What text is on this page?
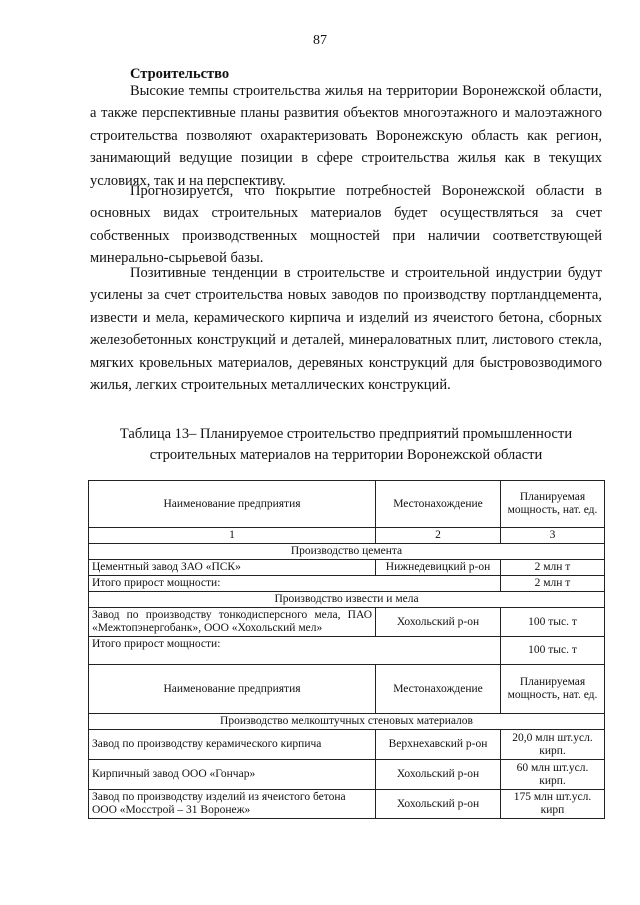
87
Строительство

Высокие темпы строительства жилья на территории Воронежской области, а также перспективные планы развития объектов многоэтажного и малоэтажного строительства позволяют охарактеризовать Воронежскую область как регион, занимающий ведущие позиции в сфере строительства жилья как в текущих условиях, так и на перспективу.

Прогнозируется, что покрытие потребностей Воронежской области в основных видах строительных материалов будет осуществляться за счет собственных производственных мощностей при наличии соответствующей минерально-сырьевой базы.

Позитивные тенденции в строительстве и строительной индустрии будут усилены за счет строительства новых заводов по производству портландцемента, извести и мела, керамического кирпича и изделий из ячеистого бетона, сборных железобетонных конструкций и деталей, минераловатных плит, листового стекла, мягких кровельных материалов, деревяных конструкций для быстровозводимого жилья, легких строительных металлических конструкций.

Таблица 13– Планируемое строительство предприятий промышленности
строительных материалов на территории Воронежской области
Наименование предприятия	Местонахождение	Планируемая мощность, нат. ед.
1	2	3
Производство цемента		
Цементный завод ЗАО «ПСК»	Нижнедевицкий р-он	2 млн т
Итого прирост мощности:		2 млн т
Производство извести и мела		
Завод по производству тонкодисперсного мела, ПАО «Межтопэнергобанк», ООО «Хохольский мел»	Хохольский р-он	100 тыс. т
Итого прирост мощности:		100 тыс. т
Наименование предприятия	Местонахождение	Планируемая мощность, нат. ед.
Производство мелкоштучных стеновых материалов		
Завод по производству керамического кирпича	Верхнехавский р-он	20,0 млн шт.усл. кирп.
Кирпичный завод ООО «Гончар»	Хохольский р-он	60 млн шт.усл. кирп.
Завод по производству изделий из ячеистого бетона ООО «Мосстрой – 31 Воронеж»	Хохольский р-он	175 млн шт.усл. кирп
